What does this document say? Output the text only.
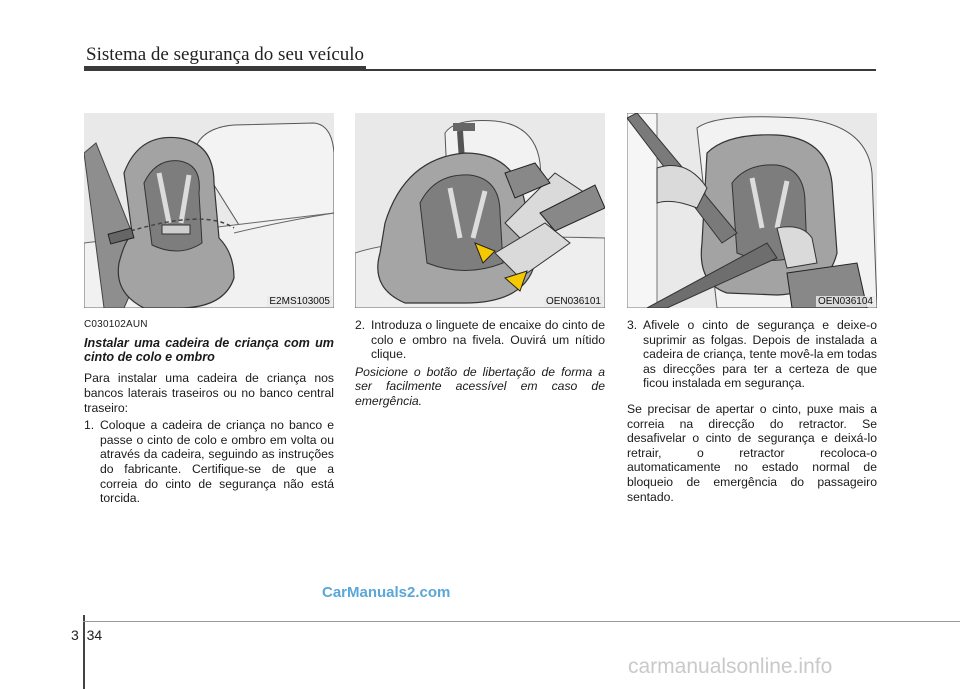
Sistema de segurança do seu veículo
E2MS103005	OEN036101	OEN036104

C030102AUN

Instalar uma cadeira de criança com um cinto de colo e ombro

Para instalar uma cadeira de criança nos bancos laterais traseiros ou no banco central traseiro:

1. Coloque a cadeira de criança no banco e passe o cinto de colo e ombro em volta ou através da cadeira, seguindo as instruções do fabricante. Certifique-se de que a correia do cinto de segurança não está torcida.
2. Introduza o linguete de encaixe do cinto de colo e ombro na fivela. Ouvirá um nítido clique.

Posicione o botão de libertação de forma a ser facilmente acessível em caso de emergência.

3. Afivele o cinto de segurança e deixe-o suprimir as folgas. Depois de instalada a cadeira de criança, tente movê-la em todas as direcções para ter a certeza de que ficou instalada em segurança.

Se precisar de apertar o cinto, puxe mais a correia na direcção do retractor. Se desafivelar o cinto de segurança e deixá-lo retrair, o retractor recoloca-o automaticamente no estado normal de bloqueio de emergência do passageiro sentado.

CarManuals2.com
3 34
carmanualsonline.info
